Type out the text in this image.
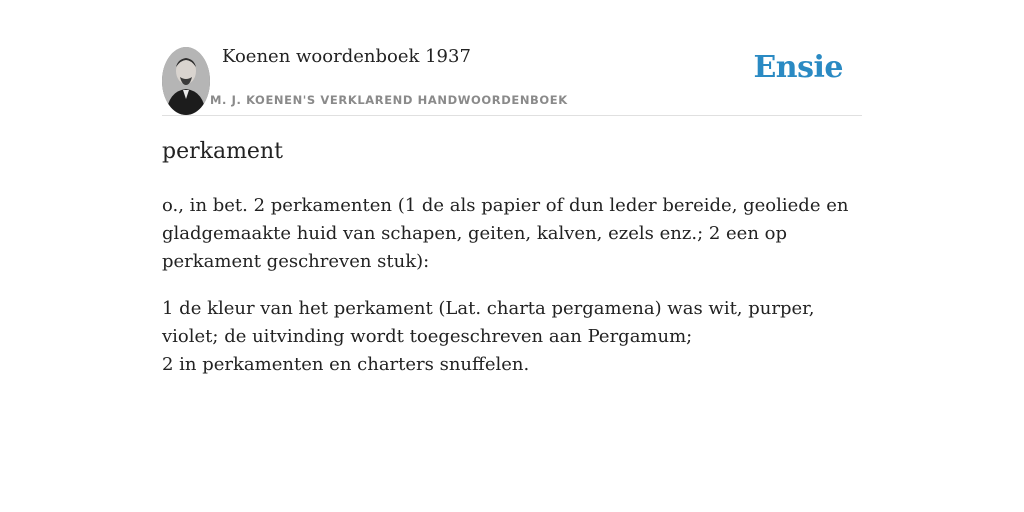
Koenen woordenboek 1937
M. J. KOENEN'S VERKLAREND HANDWOORDENBOEK
Ensie
perkament
o., in bet. 2 perkamenten (1 de als papier of dun leder bereide, geoliede en gladgemaakte huid van schapen, geiten, kalven, ezels enz.; 2 een op perkament geschreven stuk):
1 de kleur van het perkament (Lat. charta pergamena) was wit, purper, violet; de uitvinding wordt toegeschreven aan Pergamum;
2 in perkamenten en charters snuffelen.
